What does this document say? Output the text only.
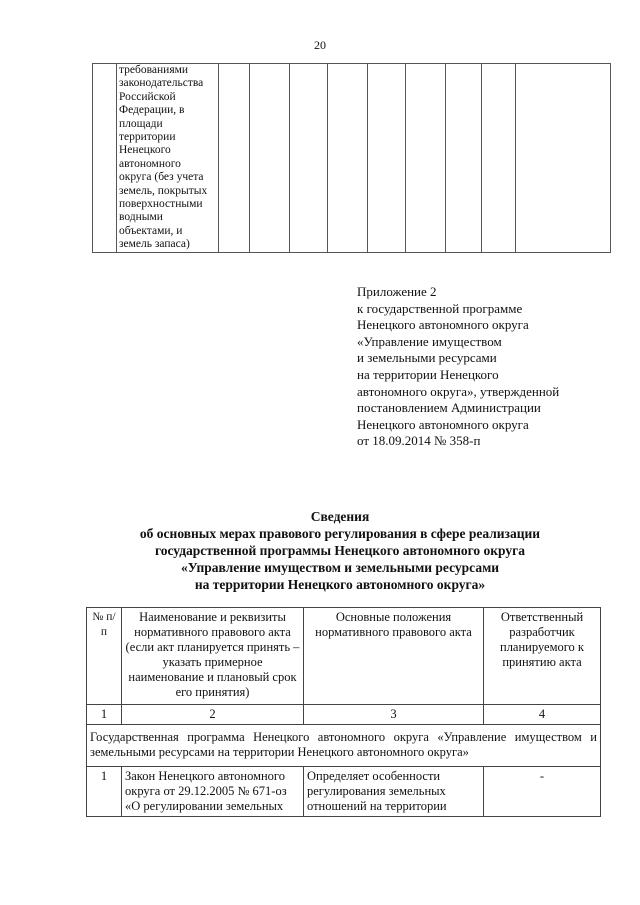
20

требованиями
законодательства
Российской
Федерации, в
площади
территории
Ненецкого
автономного
округа (без учета
земель, покрытых
поверхностными
водными
объектами, и
земель запаса)

Приложение 2
к государственной программе
Ненецкого автономного округа
«Управление имуществом
и земельными ресурсами
на территории Ненецкого
автономного округа», утвержденной
постановлением Администрации
Ненецкого автономного округа
от 18.09.2014 № 358-п
Сведения
об основных мерах правового регулирования в сфере реализации
государственной программы Ненецкого автономного округа
«Управление имуществом и земельными ресурсами
на территории Ненецкого автономного округа»
№ п/п	Наименование и реквизиты нормативного правового акта (если акт планируется принять – указать примерное наименование и плановый срок его принятия)	Основные положения нормативного правового акта	Ответственный разработчик планируемого к принятию акта
1	2	3	4
Государственная программа Ненецкого автономного округа «Управление имуществом и земельными ресурсами на территории Ненецкого автономного округа»			
1	Закон Ненецкого автономного округа от 29.12.2005 № 671-оз «О регулировании земельных	Определяет особенности регулирования земельных отношений на территории	-
